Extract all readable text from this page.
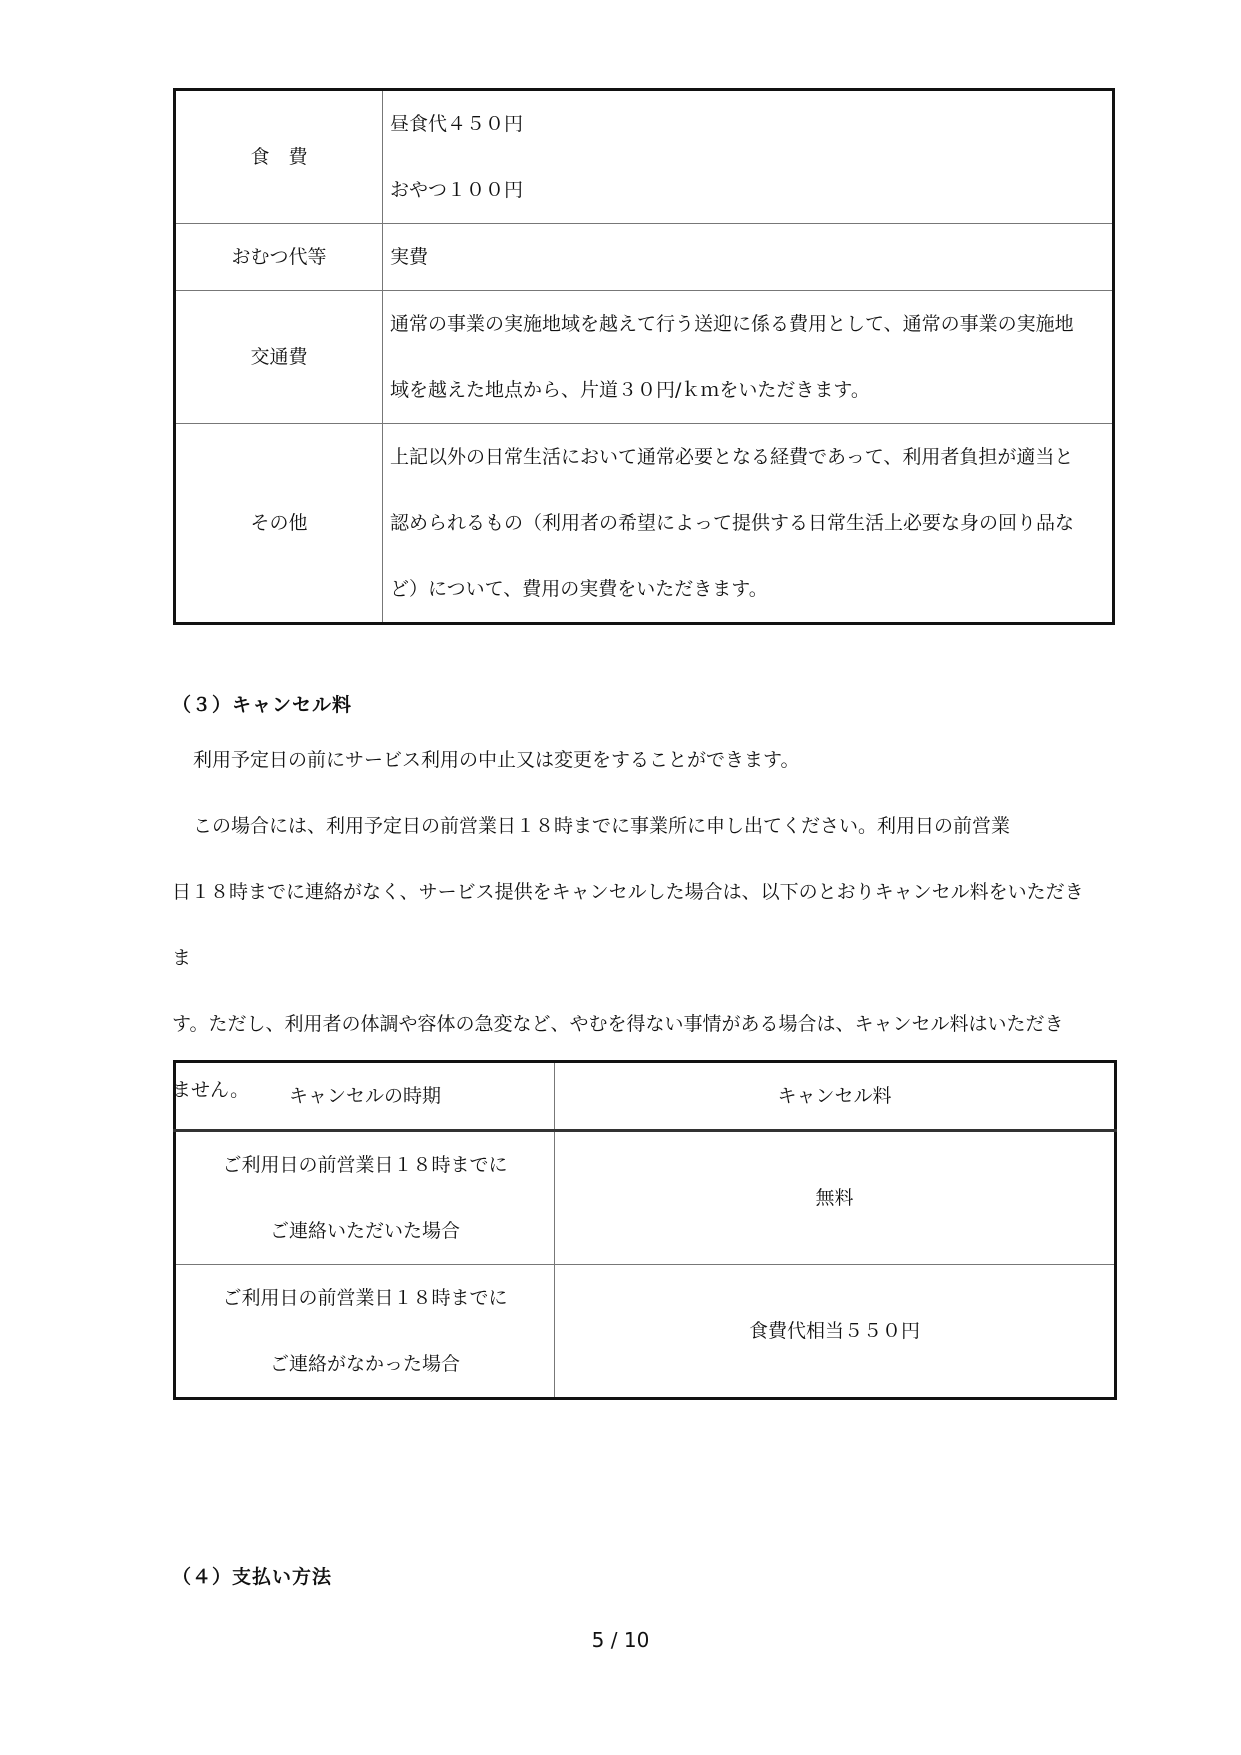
食　費	昼食代４５０円
おやつ１００円

おむつ代等	実費

交通費	通常の事業の実施地域を越えて行う送迎に係る費用として、通常の事業の実施地
域を越えた地点から、片道３０円/ｋｍをいただきます。

その他	上記以外の日常生活において通常必要となる経費であって、利用者負担が適当と
認められるもの（利用者の希望によって提供する日常生活上必要な身の回り品な
ど）について、費用の実費をいただきます。
（３）キャンセル料
利用予定日の前にサービス利用の中止又は変更をすることができます。
この場合には、利用予定日の前営業日１８時までに事業所に申し出てください。利用日の前営業
日１８時までに連絡がなく、サービス提供をキャンセルした場合は、以下のとおりキャンセル料をいただきま
す。ただし、利用者の体調や容体の急変など、やむを得ない事情がある場合は、キャンセル料はいただき
ません。	キャンセルの時期	キャンセル料

ご利用日の前営業日１８時までに
ご連絡いただいた場合	無料

ご利用日の前営業日１８時までに
ご連絡がなかった場合	食費代相当５５０円
（４）支払い方法
5 / 10
